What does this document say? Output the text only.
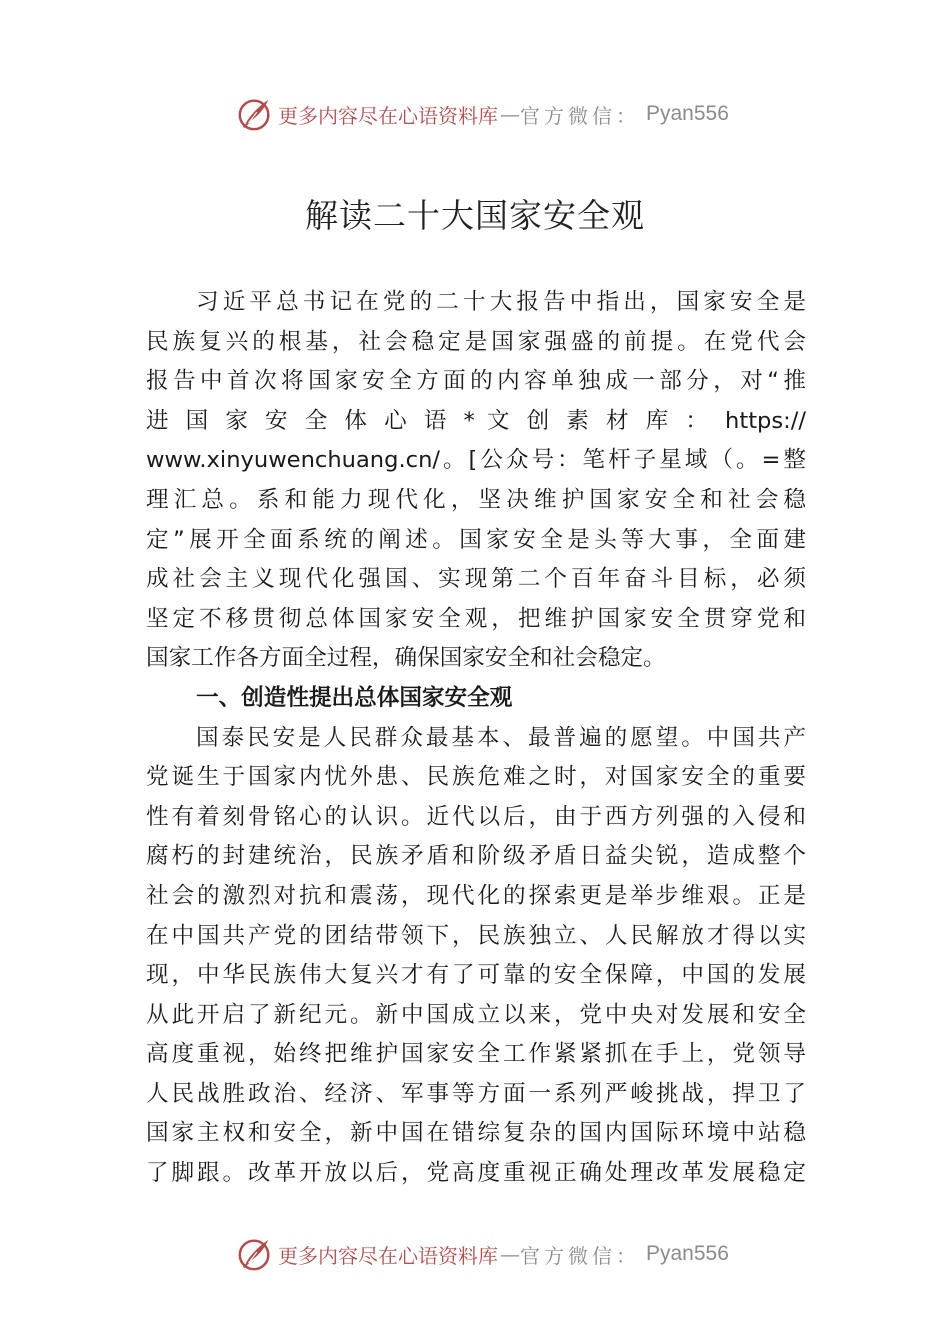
更多内容尽在心语资料库 — 官方微信： Pyan556
解读二十大国家安全观
习近平总书记在党的二十大报告中指出，国家安全是
民族复兴的根基，社会稳定是国家强盛的前提。在党代会
报告中首次将国家安全方面的内容单独成一部分，对“推
进 国 家 安 全 体 心 语 * 文 创 素 材 库 ： https://
www.xinyuwenchuang.cn/。[公众号：笔杆子星域（。=整
理汇总。系和能力现代化，坚决维护国家安全和社会稳
定”展开全面系统的阐述。国家安全是头等大事，全面建
成社会主义现代化强国、实现第二个百年奋斗目标，必须
坚定不移贯彻总体国家安全观，把维护国家安全贯穿党和
国家工作各方面全过程，确保国家安全和社会稳定。
一、创造性提出总体国家安全观
国泰民安是人民群众最基本、最普遍的愿望。中国共产
党诞生于国家内忧外患、民族危难之时，对国家安全的重要
性有着刻骨铭心的认识。近代以后，由于西方列强的入侵和
腐朽的封建统治，民族矛盾和阶级矛盾日益尖锐，造成整个
社会的激烈对抗和震荡，现代化的探索更是举步维艰。正是
在中国共产党的团结带领下，民族独立、人民解放才得以实
现，中华民族伟大复兴才有了可靠的安全保障，中国的发展
从此开启了新纪元。新中国成立以来，党中央对发展和安全
高度重视，始终把维护国家安全工作紧紧抓在手上，党领导
人民战胜政治、经济、军事等方面一系列严峻挑战，捍卫了
国家主权和安全，新中国在错综复杂的国内国际环境中站稳
了脚跟。改革开放以后，党高度重视正确处理改革发展稳定
更多内容尽在心语资料库 — 官方微信： Pyan556
